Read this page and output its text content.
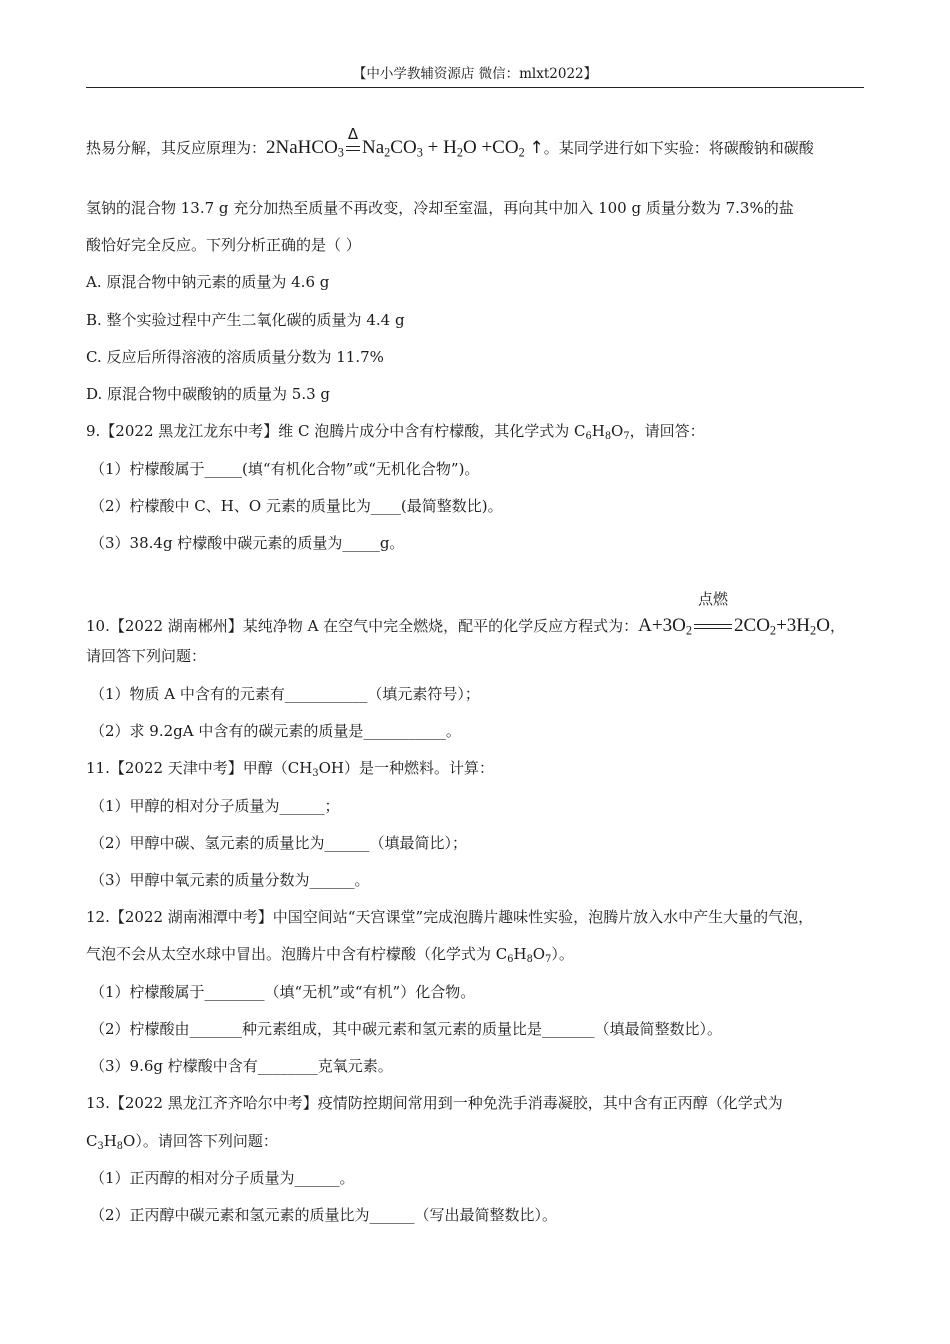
【中小学教辅资源店 微信：mlxt2022】
热易分解，其反应原理为：2NaHCO$_3$
Δ
$Na_2CO_3 + H_2O +CO_2$ ↑。某同学进行如下实验：将碳酸钠和碳酸
氢钠的混合物 13.7 g 充分加热至质量不再改变，冷却至室温，再向其中加入 100 g 质量分数为 7.3%的盐
酸恰好完全反应。下列分析正确的是（ ）
A. 原混合物中钠元素的质量为 4.6 g
B. 整个实验过程中产生二氧化碳的质量为 4.4 g
C. 反应后所得溶液的溶质质量分数为 11.7%
D. 原混合物中碳酸钠的质量为 5.3 g
9.【2022 黑龙江龙东中考】维 C 泡腾片成分中含有柠檬酸，其化学式为 $C_6H_8O_7$，请回答：
（1）柠檬酸属于_____(填“有机化合物”或“无机化合物”)。
（2）柠檬酸中 C、H、O 元素的质量比为____(最简整数比)。
（3）38.4g 柠檬酸中碳元素的质量为_____g。
10.【2022 湖南郴州】某纯净物 A 在空气中完全燃烧，配平的化学反应方程式为：$A+3O_2$
点燃
$2CO_2+3H_2O$，
请回答下列问题：
（1）物质 A 中含有的元素有___________（填元素符号）；
（2）求 9.2gA 中含有的碳元素的质量是___________。
11.【2022 天津中考】甲醇$(CH_3OH)$是一种燃料。计算：
（1）甲醇的相对分子质量为______；
（2）甲醇中碳、氢元素的质量比为______（填最简比）；
（3）甲醇中氧元素的质量分数为______。
12.【2022 湖南湘潭中考】中国空间站“天宫课堂”完成泡腾片趣味性实验，泡腾片放入水中产生大量的气泡，
气泡不会从太空水球中冒出。泡腾片中含有柠檬酸（化学式为 $C_6H_8O_7$）。
（1）柠檬酸属于________（填“无机”或“有机”）化合物。
（2）柠檬酸由_______种元素组成，其中碳元素和氢元素的质量比是_______（填最简整数比）。
（3）9.6g 柠檬酸中含有________克氧元素。
13.【2022 黑龙江齐齐哈尔中考】疫情防控期间常用到一种免洗手消毒凝胶，其中含有正丙醇（化学式为
$C_3H_8O$）。请回答下列问题：
（1）正丙醇的相对分子质量为______。
（2）正丙醇中碳元素和氢元素的质量比为______（写出最简整数比）。
